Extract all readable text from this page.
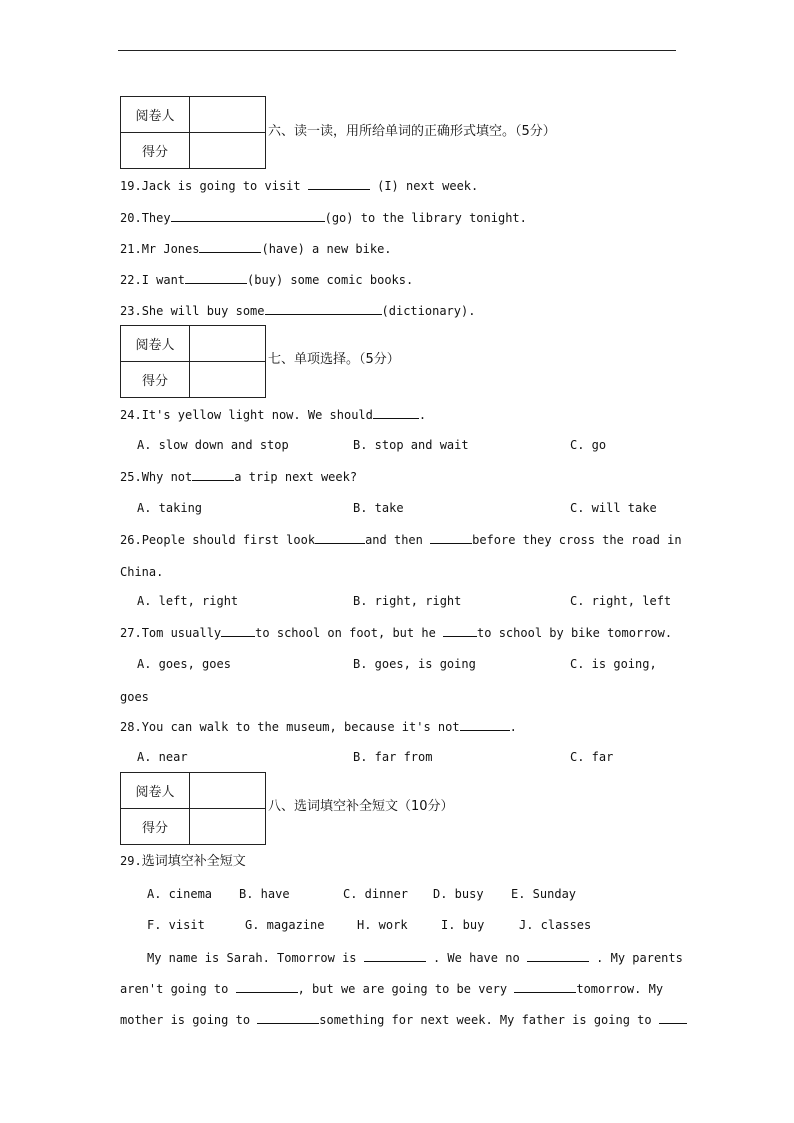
阅卷人	
得分	
六、读一读，用所给单词的正确形式填空。（5分）
19.Jack is going to visit	(I) next week.
20.They	(go) to the library tonight.
21.Mr Jones	(have) a new bike.
22.I want	(buy) some comic books.
23.She will buy some	(dictionary).
阅卷人	
得分	
七、单项选择。（5分）
24.It's yellow light now. We should	.
A. slow down and stop	B. stop and wait	C. go
25.Why not	a trip next week?
A. taking	B. take	C. will take
26.People should first look	and then	before they cross the road in
China.
A. left, right	B. right, right	C. right, left
27.Tom usually	to school on foot, but he	to school by bike tomorrow.
A. goes, goes	B. goes, is going	C. is going,
goes
28.You can walk to the museum, because it's not	.
A. near	B. far from	C. far
阅卷人	
得分	
八、选词填空补全短文（10分）
29.选词填空补全短文
A. cinema B. have	C. dinner D. busy E. Sunday
F. visit	G. magazine	H. work	I. buy	J. classes
My name is Sarah. Tomorrow is	. We have no	. My parents
aren't going to	, but we are going to be very	tomorrow. My
mother is going to	something for next week. My father is going to
